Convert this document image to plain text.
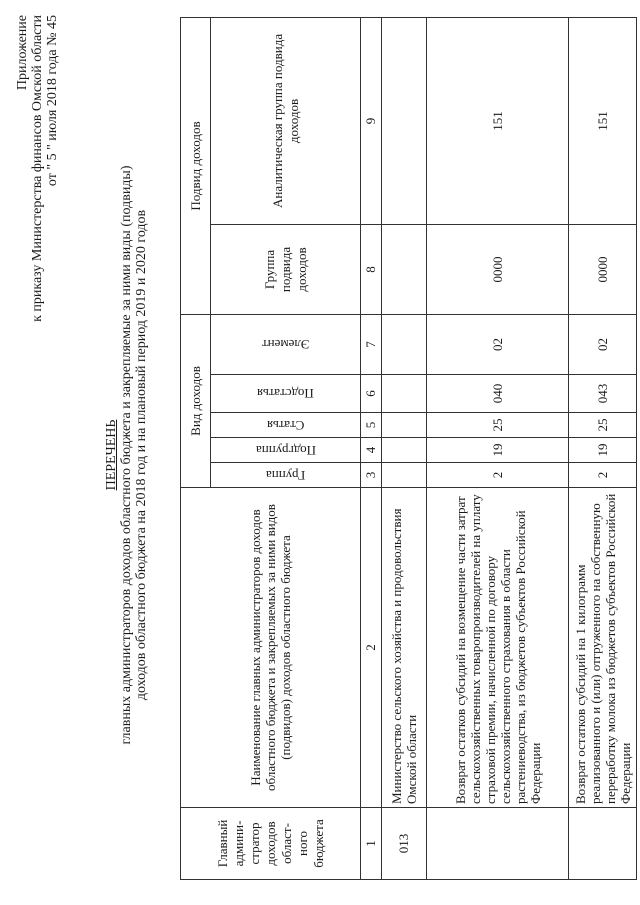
Приложение к приказу Министерства финансов Омской области от " 5 " июля 2018 года № 45
ПЕРЕЧЕНЬ главных администраторов доходов областного бюджета и закрепляемые за ними виды (подвиды) доходов областного бюджета на 2018 год и на плановый период 2019 и 2020 годов
Главный админи- стратор доходов област- ного бюджета	Наименование главных администраторов доходов областного бюджета и закрепляемых за ними видов (подвидов) доходов областного бюджета	Вид доходов					Подвид доходов	

		Группа	Подгруппа	Статья	Подстатья	Элемент	Группа подвида доходов	Аналитическая группа подвида доходов
1	2	3	4	5	6	7	8	9
013	Министерство сельского хозяйства и продовольствия Омской области							
	Возврат остатков субсидий на возмещение части затрат сельскохозяйственных товаропроизводителей на уплату страховой премии, начисленной по договору сельскохозяйственного страхования в области растениеводства, из бюджетов субъектов Российской Федерации	2	19	25	040	02	0000	151
	Возврат остатков субсидий на 1 килограмм реализованного и (или) отгруженного на собственную переработку молока из бюджетов субъектов Российской Федерации	2	19	25	043	02	0000	151
